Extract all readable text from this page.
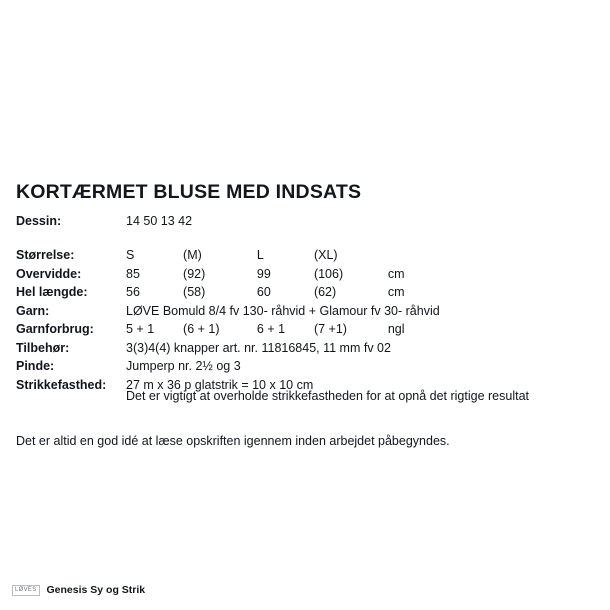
KORTÆRMET BLUSE MED INDSATS
Dessin:	14 50 13 42
Størrelse:	S	(M)	L	(XL)		
Overvidde:	85	(92)	99	(106)	cm	
Hel længde:	56	(58)	60	(62)	cm	
Garn:	LØVE Bomuld 8/4 fv 130- råhvid + Glamour fv 30- råhvid					
Garnforbrug:	5 + 1	(6 + 1)	6 + 1	(7 +1)	ngl	
Tilbehør:	3(3)4(4) knapper art. nr. 11816845, 11 mm fv 02					
Pinde:	Jumperp nr. 2½ og 3					
Strikkefasthed:	27 m x 36 p glatstrik = 10 x 10 cm					
Det er vigtigt at overholde strikkefastheden for at opnå det rigtige resultat
Det er altid en god idé at læse opskriften igennem inden arbejdet påbegyndes.
LØVES Genesis Sy og Strik
